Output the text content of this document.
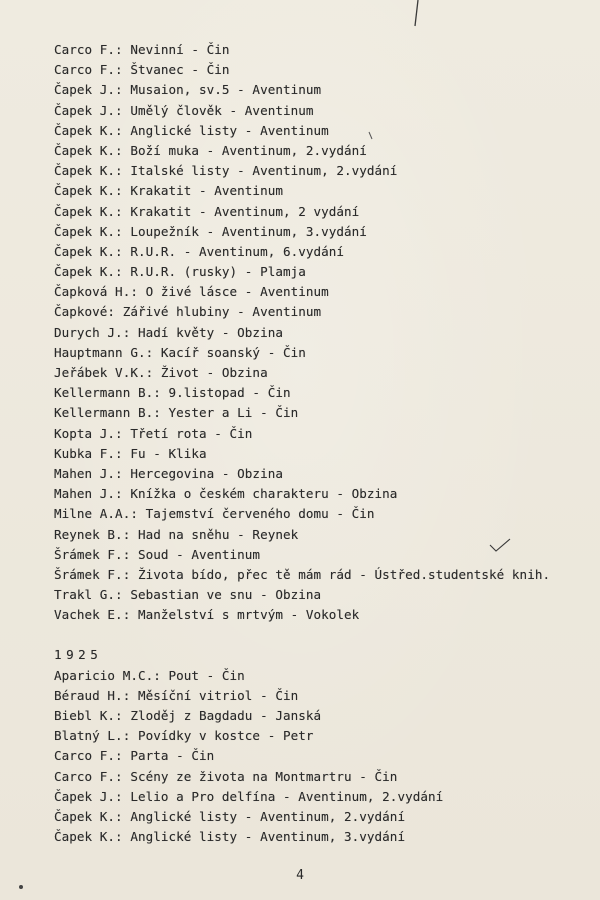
Carco F.: Nevinní - Čin
Carco F.: Štvanec - Čin
Čapek J.: Musaion, sv.5 - Aventinum
Čapek J.: Umělý člověk - Aventinum
Čapek K.: Anglické listy - Aventinum
Čapek K.: Boží muka - Aventinum, 2.vydání
Čapek K.: Italské listy - Aventinum, 2.vydání
Čapek K.: Krakatit - Aventinum
Čapek K.: Krakatit - Aventinum, 2 vydání
Čapek K.: Loupežník - Aventinum, 3.vydání
Čapek K.: R.U.R. - Aventinum, 6.vydání
Čapek K.: R.U.R. (rusky) - Plamja
Čapková H.: O živé lásce - Aventinum
Čapkové: Zářivé hlubiny - Aventinum
Durych J.: Hadí květy - Obzina
Hauptmann G.: Kacíř soanský - Čin
Jeřábek V.K.: Život - Obzina
Kellermann B.: 9.listopad - Čin
Kellermann B.: Yester a Li - Čin
Kopta J.: Třetí rota - Čin
Kubka F.: Fu - Klika
Mahen J.: Hercegovina - Obzina
Mahen J.: Knížka o českém charakteru - Obzina
Milne A.A.: Tajemství červeného domu - Čin
Reynek B.: Had na sněhu - Reynek
Šrámek F.: Soud - Aventinum
Šrámek F.: Života bído, přec tě mám rád - Ústřed.studentské knih.
Trakl G.: Sebastian ve snu - Obzina
Vachek E.: Manželství s mrtvým - Vokolek
1925
Aparicio M.C.: Pout - Čin
Béraud H.: Měsíční vitriol - Čin
Biebl K.: Zloděj z Bagdadu - Janská
Blatný L.: Povídky v kostce - Petr
Carco F.: Parta - Čin
Carco F.: Scény ze života na Montmartru - Čin
Čapek J.: Lelio a Pro delfína - Aventinum, 2.vydání
Čapek K.: Anglické listy - Aventinum, 2.vydání
Čapek K.: Anglické listy - Aventinum, 3.vydání
4
